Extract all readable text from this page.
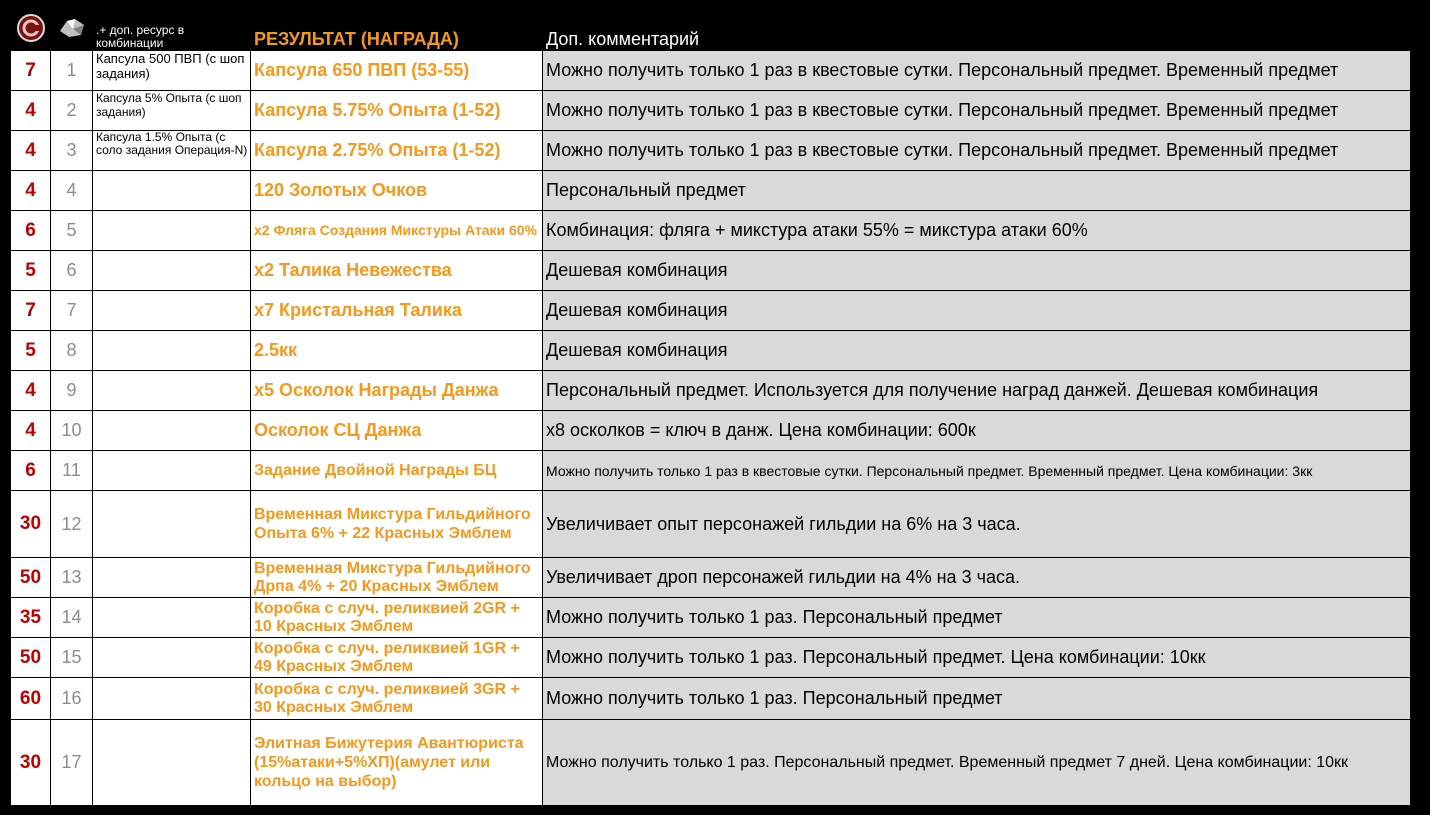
		.+ доп. ресурс в комбинации	РЕЗУЛЬТАТ (НАГРАДА)	Доп. комментарий
7	1	Капсула 500 ПВП (с шоп задания)	Капсула 650 ПВП (53-55)	Можно получить только 1 раз в квестовые сутки. Персональный предмет. Временный предмет
4	2	Капсула 5% Опыта (с шоп задания)	Капсула 5.75% Опыта (1-52)	Можно получить только 1 раз в квестовые сутки. Персональный предмет. Временный предмет
4	3	Капсула 1.5% Опыта (с соло задания Операция-N)	Капсула 2.75% Опыта (1-52)	Можно получить только 1 раз в квестовые сутки. Персональный предмет. Временный предмет
4	4		120 Золотых Очков	Персональный предмет
6	5		x2 Фляга Создания Микстуры Атаки 60%	Комбинация: фляга + микстура атаки 55% = микстура атаки 60%
5	6		x2 Талика Невежества	Дешевая комбинация
7	7		x7 Кристальная Талика	Дешевая комбинация
5	8		2.5кк	Дешевая комбинация
4	9		x5 Осколок Награды Данжа	Персональный предмет. Используется для получение наград данжей. Дешевая комбинация
4	10		Осколок СЦ Данжа	x8 осколков = ключ в данж. Цена комбинации: 600к
6	11		Задание Двойной Награды БЦ	Можно получить только 1 раз в квестовые сутки. Персональный предмет. Временный предмет. Цена комбинации: 3кк
30	12		Временная Микстура Гильдийного Опыта 6% + 22 Красных Эмблем	Увеличивает опыт персонажей гильдии на 6% на 3 часа.
50	13		Временная Микстура Гильдийного Дрпа 4% + 20 Красных Эмблем	Увеличивает дроп персонажей гильдии на 4% на 3 часа.
35	14		Коробка с случ. реликвией 2GR + 10 Красных Эмблем	Можно получить только 1 раз. Персональный предмет
50	15		Коробка с случ. реликвией 1GR + 49 Красных Эмблем	Можно получить только 1 раз. Персональный предмет. Цена комбинации: 10кк
60	16		Коробка с случ. реликвией 3GR + 30 Красных Эмблем	Можно получить только 1 раз. Персональный предмет
30	17		Элитная Бижутерия Авантюриста (15%атаки+5%ХП)(амулет или кольцо на выбор)	Можно получить только 1 раз. Персональный предмет. Временный предмет 7 дней. Цена комбинации: 10кк
